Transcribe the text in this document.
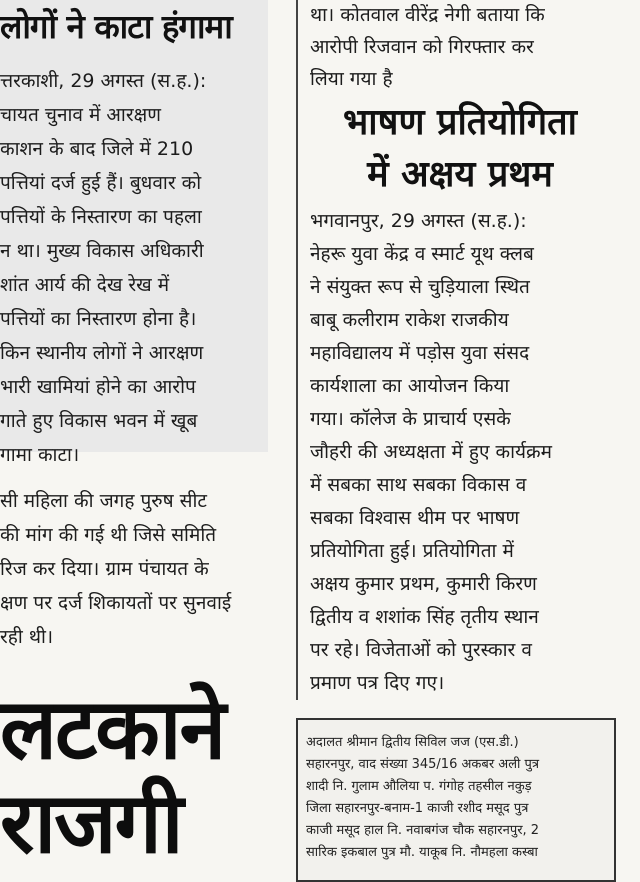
लोगों ने काटा हंगामा
त्तरकाशी, 29 अगस्त (स.ह.):
चायत चुनाव में आरक्षण
काशन के बाद जिले में 210
पत्तियां दर्ज हुई हैं। बुधवार को
पत्तियों के निस्तारण का पहला
न था। मुख्य विकास अधिकारी
शांत आर्य की देख रेख में
पत्तियों का निस्तारण होना है।
किन स्थानीय लोगों ने आरक्षण
भारी खामियां होने का आरोप
गाते हुए विकास भवन में खूब
गामा काटा।
सी महिला की जगह पुरुष सीट
की मांग की गई थी जिसे समिति
रिज कर दिया। ग्राम पंचायत के
क्षण पर दर्ज शिकायतों पर सुनवाई
रही थी।
लटकाने
राजगी
था। कोतवाल वीरेंद्र नेगी बताया कि
आरोपी रिजवान को गिरफ्तार कर
लिया गया है
भाषण प्रतियोगिता
में अक्षय प्रथम
भगवानपुर, 29 अगस्त (स.ह.):
नेहरू युवा केंद्र व स्मार्ट यूथ क्लब
ने संयुक्त रूप से चुड़ियाला स्थित
बाबू कलीराम राकेश राजकीय
महाविद्यालय में पड़ोस युवा संसद
कार्यशाला का आयोजन किया
गया। कॉलेज के प्राचार्य एसके
जौहरी की अध्यक्षता में हुए कार्यक्रम
में सबका साथ सबका विकास व
सबका विश्वास थीम पर भाषण
प्रतियोगिता हुई। प्रतियोगिता में
अक्षय कुमार प्रथम, कुमारी किरण
द्वितीय व शशांक सिंह तृतीय स्थान
पर रहे। विजेताओं को पुरस्कार व
प्रमाण पत्र दिए गए।
अदालत श्रीमान द्वितीय सिविल जज (एस.डी.)
सहारनपुर, वाद संख्या 345/16 अकबर अली पुत्र
शादी नि. गुलाम औलिया प. गंगोह तहसील नकुड़
जिला सहारनपुर-बनाम-1 काजी रशीद मसूद पुत्र
काजी मसूद हाल नि. नवाबगंज चौक सहारनपुर, 2
सारिक इकबाल पुत्र मौ. याकूब नि. नौमहला कस्बा
